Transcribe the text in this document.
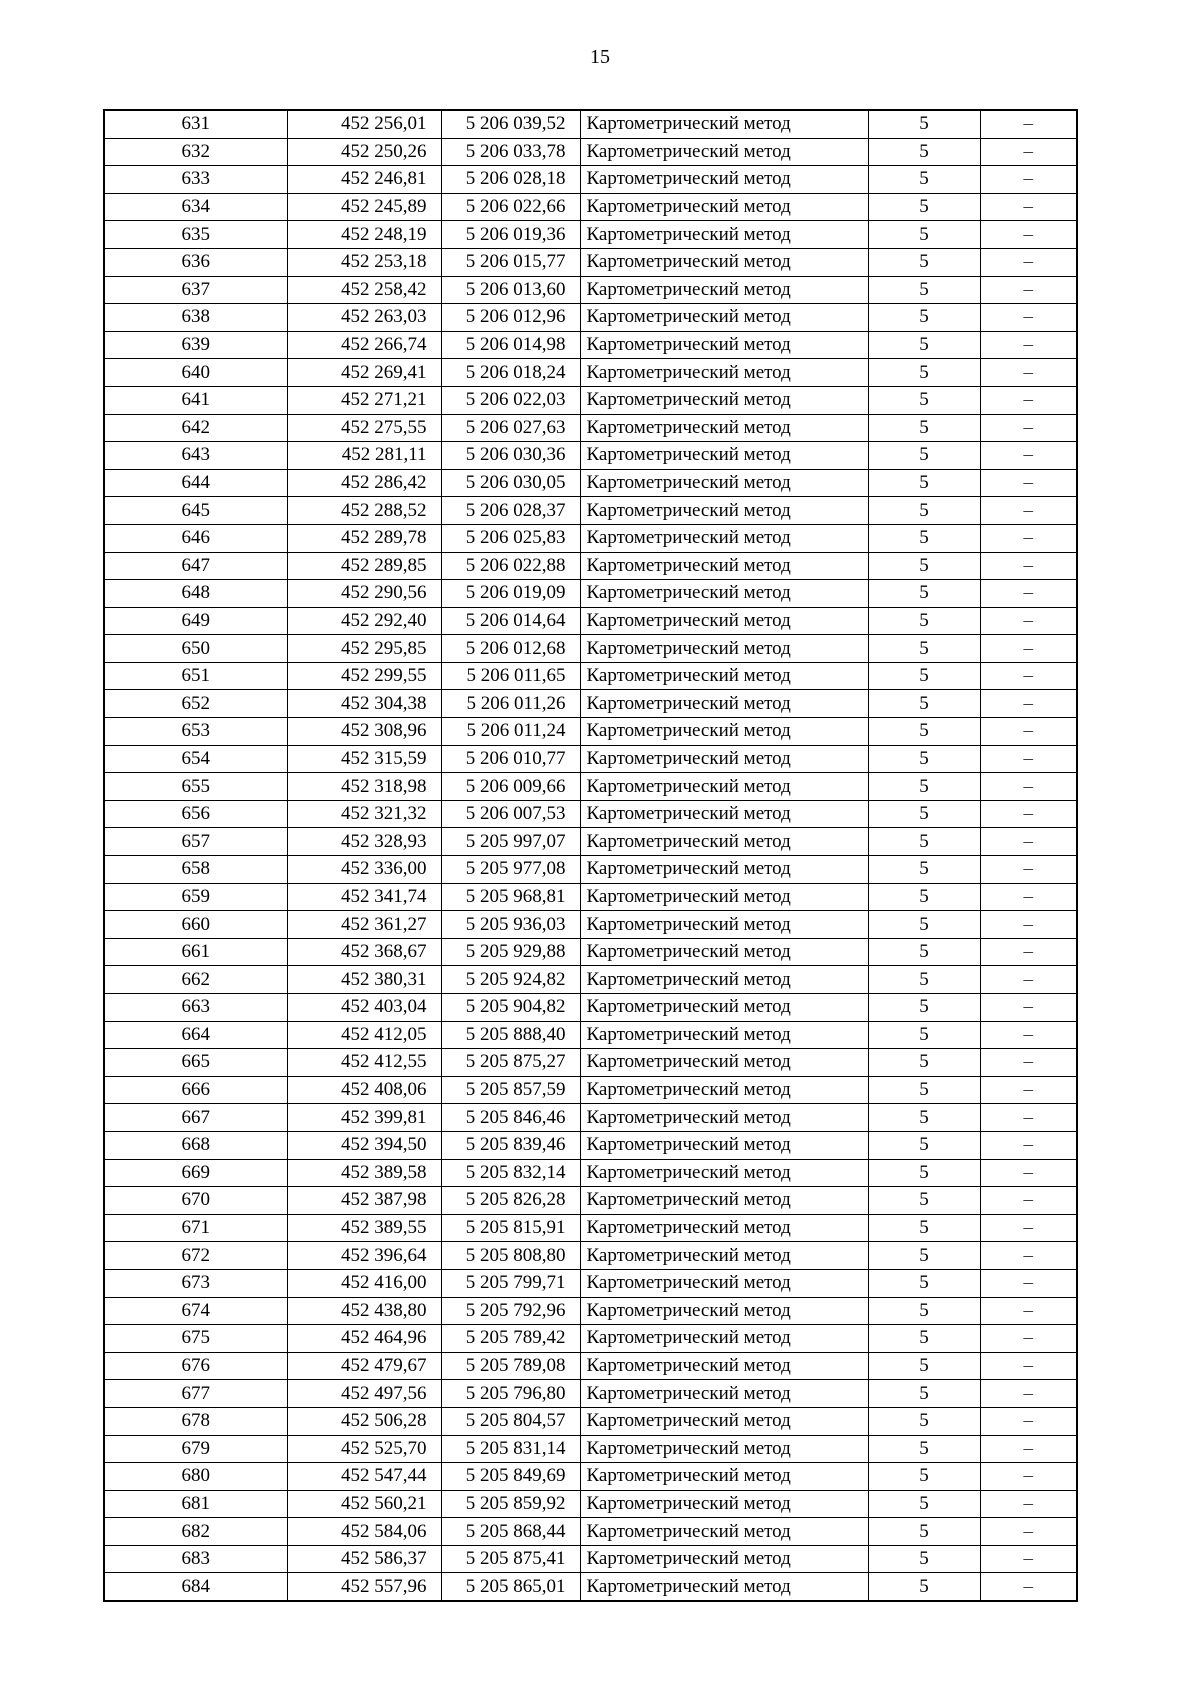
15
631	452 256,01	5 206 039,52	Картометрический метод	5	–
632	452 250,26	5 206 033,78	Картометрический метод	5	–
633	452 246,81	5 206 028,18	Картометрический метод	5	–
634	452 245,89	5 206 022,66	Картометрический метод	5	–
635	452 248,19	5 206 019,36	Картометрический метод	5	–
636	452 253,18	5 206 015,77	Картометрический метод	5	–
637	452 258,42	5 206 013,60	Картометрический метод	5	–
638	452 263,03	5 206 012,96	Картометрический метод	5	–
639	452 266,74	5 206 014,98	Картометрический метод	5	–
640	452 269,41	5 206 018,24	Картометрический метод	5	–
641	452 271,21	5 206 022,03	Картометрический метод	5	–
642	452 275,55	5 206 027,63	Картометрический метод	5	–
643	452 281,11	5 206 030,36	Картометрический метод	5	–
644	452 286,42	5 206 030,05	Картометрический метод	5	–
645	452 288,52	5 206 028,37	Картометрический метод	5	–
646	452 289,78	5 206 025,83	Картометрический метод	5	–
647	452 289,85	5 206 022,88	Картометрический метод	5	–
648	452 290,56	5 206 019,09	Картометрический метод	5	–
649	452 292,40	5 206 014,64	Картометрический метод	5	–
650	452 295,85	5 206 012,68	Картометрический метод	5	–
651	452 299,55	5 206 011,65	Картометрический метод	5	–
652	452 304,38	5 206 011,26	Картометрический метод	5	–
653	452 308,96	5 206 011,24	Картометрический метод	5	–
654	452 315,59	5 206 010,77	Картометрический метод	5	–
655	452 318,98	5 206 009,66	Картометрический метод	5	–
656	452 321,32	5 206 007,53	Картометрический метод	5	–
657	452 328,93	5 205 997,07	Картометрический метод	5	–
658	452 336,00	5 205 977,08	Картометрический метод	5	–
659	452 341,74	5 205 968,81	Картометрический метод	5	–
660	452 361,27	5 205 936,03	Картометрический метод	5	–
661	452 368,67	5 205 929,88	Картометрический метод	5	–
662	452 380,31	5 205 924,82	Картометрический метод	5	–
663	452 403,04	5 205 904,82	Картометрический метод	5	–
664	452 412,05	5 205 888,40	Картометрический метод	5	–
665	452 412,55	5 205 875,27	Картометрический метод	5	–
666	452 408,06	5 205 857,59	Картометрический метод	5	–
667	452 399,81	5 205 846,46	Картометрический метод	5	–
668	452 394,50	5 205 839,46	Картометрический метод	5	–
669	452 389,58	5 205 832,14	Картометрический метод	5	–
670	452 387,98	5 205 826,28	Картометрический метод	5	–
671	452 389,55	5 205 815,91	Картометрический метод	5	–
672	452 396,64	5 205 808,80	Картометрический метод	5	–
673	452 416,00	5 205 799,71	Картометрический метод	5	–
674	452 438,80	5 205 792,96	Картометрический метод	5	–
675	452 464,96	5 205 789,42	Картометрический метод	5	–
676	452 479,67	5 205 789,08	Картометрический метод	5	–
677	452 497,56	5 205 796,80	Картометрический метод	5	–
678	452 506,28	5 205 804,57	Картометрический метод	5	–
679	452 525,70	5 205 831,14	Картометрический метод	5	–
680	452 547,44	5 205 849,69	Картометрический метод	5	–
681	452 560,21	5 205 859,92	Картометрический метод	5	–
682	452 584,06	5 205 868,44	Картометрический метод	5	–
683	452 586,37	5 205 875,41	Картометрический метод	5	–
684	452 557,96	5 205 865,01	Картометрический метод	5	–
